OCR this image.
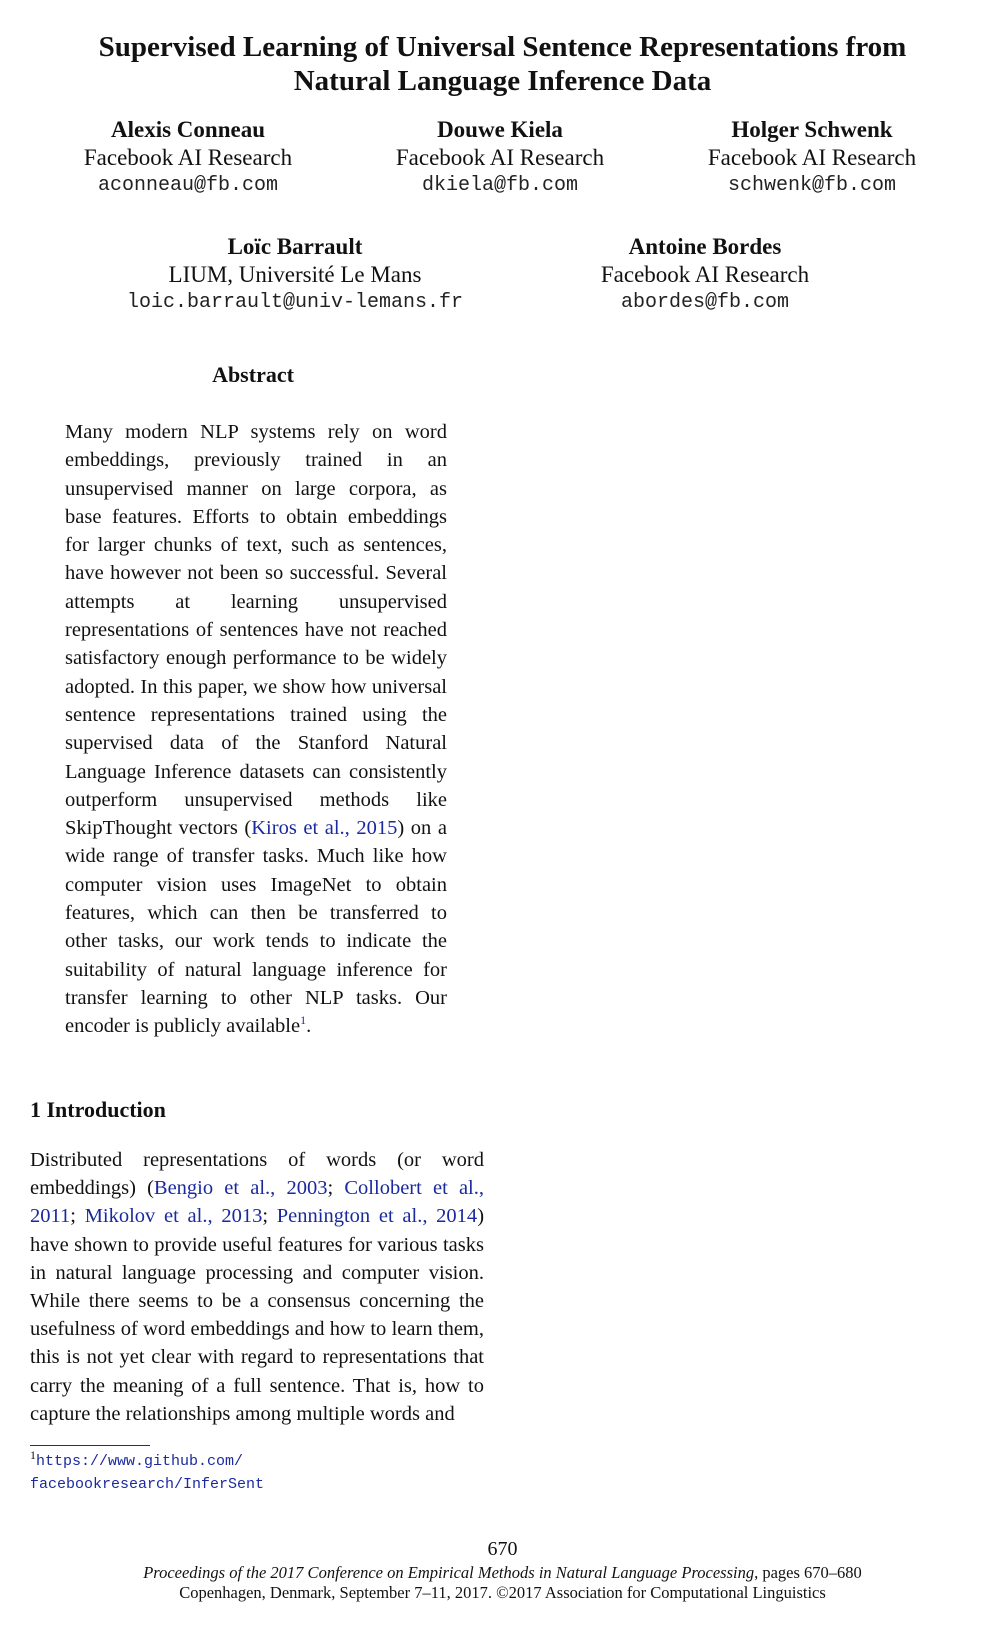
Supervised Learning of Universal Sentence Representations from
Natural Language Inference Data
Alexis Conneau
Facebook AI Research
aconneau@fb.com
Douwe Kiela
Facebook AI Research
dkiela@fb.com
Holger Schwenk
Facebook AI Research
schwenk@fb.com
Loïc Barrault
LIUM, Université Le Mans
loic.barrault@univ-lemans.fr
Antoine Bordes
Facebook AI Research
abordes@fb.com
Abstract

Many modern NLP systems rely on word embeddings, previously trained in an unsupervised manner on large corpora, as base features. Efforts to obtain embeddings for larger chunks of text, such as sentences, have however not been so successful. Several attempts at learning unsupervised representations of sentences have not reached satisfactory enough performance to be widely adopted. In this paper, we show how universal sentence representations trained using the supervised data of the Stanford Natural Language Inference datasets can consistently outperform unsupervised methods like SkipThought vectors (Kiros et al., 2015) on a wide range of transfer tasks. Much like how computer vision uses ImageNet to obtain features, which can then be transferred to other tasks, our work tends to indicate the suitability of natural language inference for transfer learning to other NLP tasks. Our encoder is publicly available$^1$.

1 Introduction

Distributed representations of words (or word embeddings) (Bengio et al., 2003; Collobert et al., 2011; Mikolov et al., 2013; Pennington et al., 2014) have shown to provide useful features for various tasks in natural language processing and computer vision. While there seems to be a consensus concerning the usefulness of word embeddings and how to learn them, this is not yet clear with regard to representations that carry the meaning of a full sentence. That is, how to capture the relationships among multiple words and

$^1$https://www.github.com/
facebookresearch/InferSent
670
Proceedings of the 2017 Conference on Empirical Methods in Natural Language Processing, pages 670–680
Copenhagen, Denmark, September 7–11, 2017. ©2017 Association for Computational Linguistics
